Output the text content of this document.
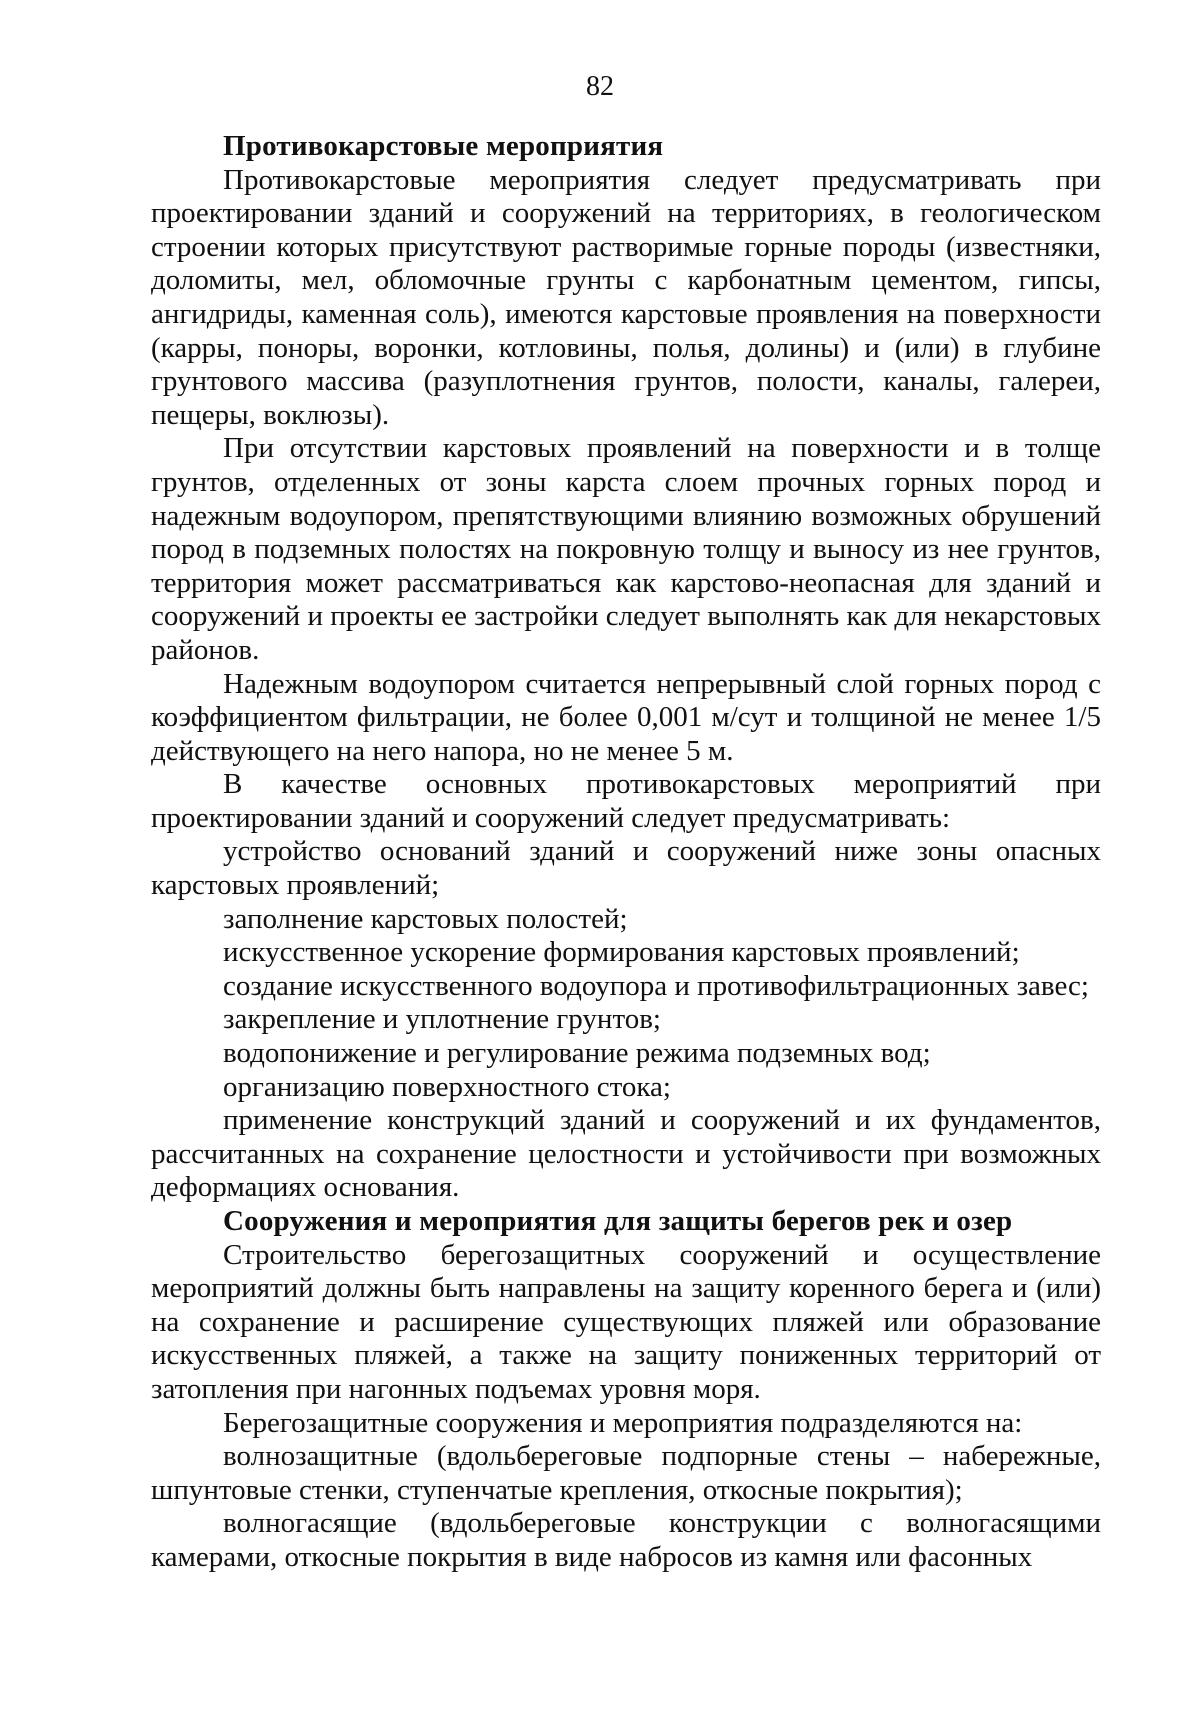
82

Противокарстовые мероприятия

Противокарстовые мероприятия следует предусматривать при проектировании зданий и сооружений на территориях, в геологическом строении которых присутствуют растворимые горные породы (известняки, доломиты, мел, обломочные грунты с карбонатным цементом, гипсы, ангидриды, каменная соль), имеются карстовые проявления на поверхности (карры, поноры, воронки, котловины, полья, долины) и (или) в глубине грунтового массива (разуплотнения грунтов, полости, каналы, галереи, пещеры, воклюзы).

При отсутствии карстовых проявлений на поверхности и в толще грунтов, отделенных от зоны карста слоем прочных горных пород и надежным водоупором, препятствующими влиянию возможных обрушений пород в подземных полостях на покровную толщу и выносу из нее грунтов, территория может рассматриваться как карстово-неопасная для зданий и сооружений и проекты ее застройки следует выполнять как для некарстовых районов.

Надежным водоупором считается непрерывный слой горных пород с коэффициентом фильтрации, не более 0,001 м/сут и толщиной не менее 1/5 действующего на него напора, но не менее 5 м.

В качестве основных противокарстовых мероприятий при проектировании зданий и сооружений следует предусматривать:

устройство оснований зданий и сооружений ниже зоны опасных карстовых проявлений;

заполнение карстовых полостей;

искусственное ускорение формирования карстовых проявлений;

создание искусственного водоупора и противофильтрационных завес;

закрепление и уплотнение грунтов;

водопонижение и регулирование режима подземных вод;

организацию поверхностного стока;

применение конструкций зданий и сооружений и их фундаментов, рассчитанных на сохранение целостности и устойчивости при возможных деформациях основания.

Сооружения и мероприятия для защиты берегов рек и озер

Строительство берегозащитных сооружений и осуществление мероприятий должны быть направлены на защиту коренного берега и (или) на сохранение и расширение существующих пляжей или образование искусственных пляжей, а также на защиту пониженных территорий от затопления при нагонных подъемах уровня моря.

Берегозащитные сооружения и мероприятия подразделяются на:

волнозащитные (вдольбереговые подпорные стены – набережные, шпунтовые стенки, ступенчатые крепления, откосные покрытия);

волногасящие (вдольбереговые конструкции с волногасящими камерами, откосные покрытия в виде набросов из камня или фасонных
